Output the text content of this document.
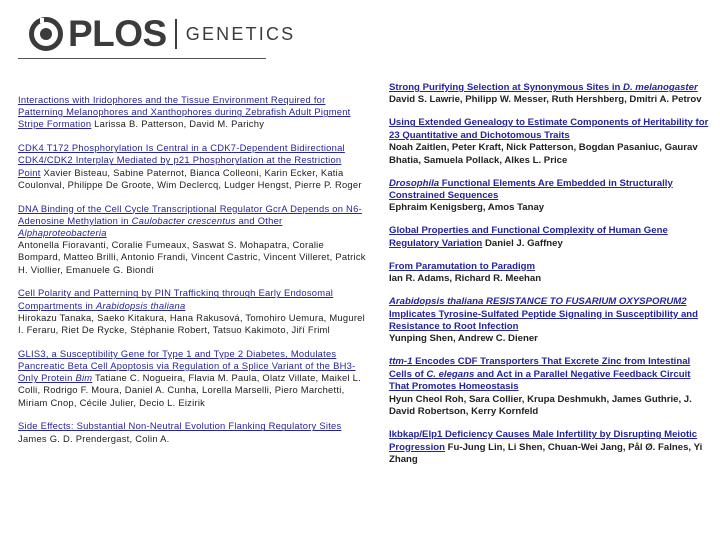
PLOS GENETICS

Interactions with Iridophores and the Tissue Environment Required for Patterning Melanophores and Xanthophores during Zebrafish Adult Pigment Stripe Formation Larissa B. Patterson, David M. Parichy

CDK4 T172 Phosphorylation Is Central in a CDK7-Dependent Bidirectional CDK4/CDK2 Interplay Mediated by p21 Phosphorylation at the Restriction Point Xavier Bisteau, Sabine Paternot, Bianca Colleoni, Karin Ecker, Katia Coulonval, Philippe De Groote, Wim Declercq, Ludger Hengst, Pierre P. Roger

DNA Binding of the Cell Cycle Transcriptional Regulator GcrA Depends on N6-Adenosine Methylation in Caulobacter crescentus and Other Alphaproteobacteria
Antonella Fioravanti, Coralie Fumeaux, Saswat S. Mohapatra, Coralie Bompard, Matteo Brilli, Antonio Frandi, Vincent Castric, Vincent Villeret, Patrick H. Viollier, Emanuele G. Biondi

Cell Polarity and Patterning by PIN Trafficking through Early Endosomal Compartments in Arabidopsis thaliana
Hirokazu Tanaka, Saeko Kitakura, Hana Rakusová, Tomohiro Uemura, Mugurel I. Feraru, Riet De Rycke, Stéphanie Robert, Tatsuo Kakimoto, Jiří Friml

GLIS3, a Susceptibility Gene for Type 1 and Type 2 Diabetes, Modulates Pancreatic Beta Cell Apoptosis via Regulation of a Splice Variant of the BH3-Only Protein Bim Tatiane C. Nogueira, Flavia M. Paula, Olatz Villate, Maikel L. Colli, Rodrigo F. Moura, Daniel A. Cunha, Lorella Marselli, Piero Marchetti, Miriam Cnop, Cécile Julier, Decio L. Eizirik

Side Effects: Substantial Non-Neutral Evolution Flanking Regulatory Sites James G. D. Prendergast, Colin A.

Strong Purifying Selection at Synonymous Sites in D. melanogaster David S. Lawrie, Philipp W. Messer, Ruth Hershberg, Dmitri A. Petrov

Using Extended Genealogy to Estimate Components of Heritability for 23 Quantitative and Dichotomous Traits
Noah Zaitlen, Peter Kraft, Nick Patterson, Bogdan Pasaniuc, Gaurav Bhatia, Samuela Pollack, Alkes L. Price

Drosophila Functional Elements Are Embedded in Structurally Constrained Sequences
Ephraim Kenigsberg, Amos Tanay

Global Properties and Functional Complexity of Human Gene Regulatory Variation Daniel J. Gaffney

From Paramutation to Paradigm
Ian R. Adams, Richard R. Meehan

Arabidopsis thaliana RESISTANCE TO FUSARIUM OXYSPORUM2 Implicates Tyrosine-Sulfated Peptide Signaling in Susceptibility and Resistance to Root Infection
Yunping Shen, Andrew C. Diener

ttm-1 Encodes CDF Transporters That Excrete Zinc from Intestinal Cells of C. elegans and Act in a Parallel Negative Feedback Circuit That Promotes Homeostasis
Hyun Cheol Roh, Sara Collier, Krupa Deshmukh, James Guthrie, J. David Robertson, Kerry Kornfeld

Ikbkap/Elp1 Deficiency Causes Male Infertility by Disrupting Meiotic Progression Fu-Jung Lin, Li Shen, Chuan-Wei Jang, Pål Ø. Falnes, Yi Zhang
